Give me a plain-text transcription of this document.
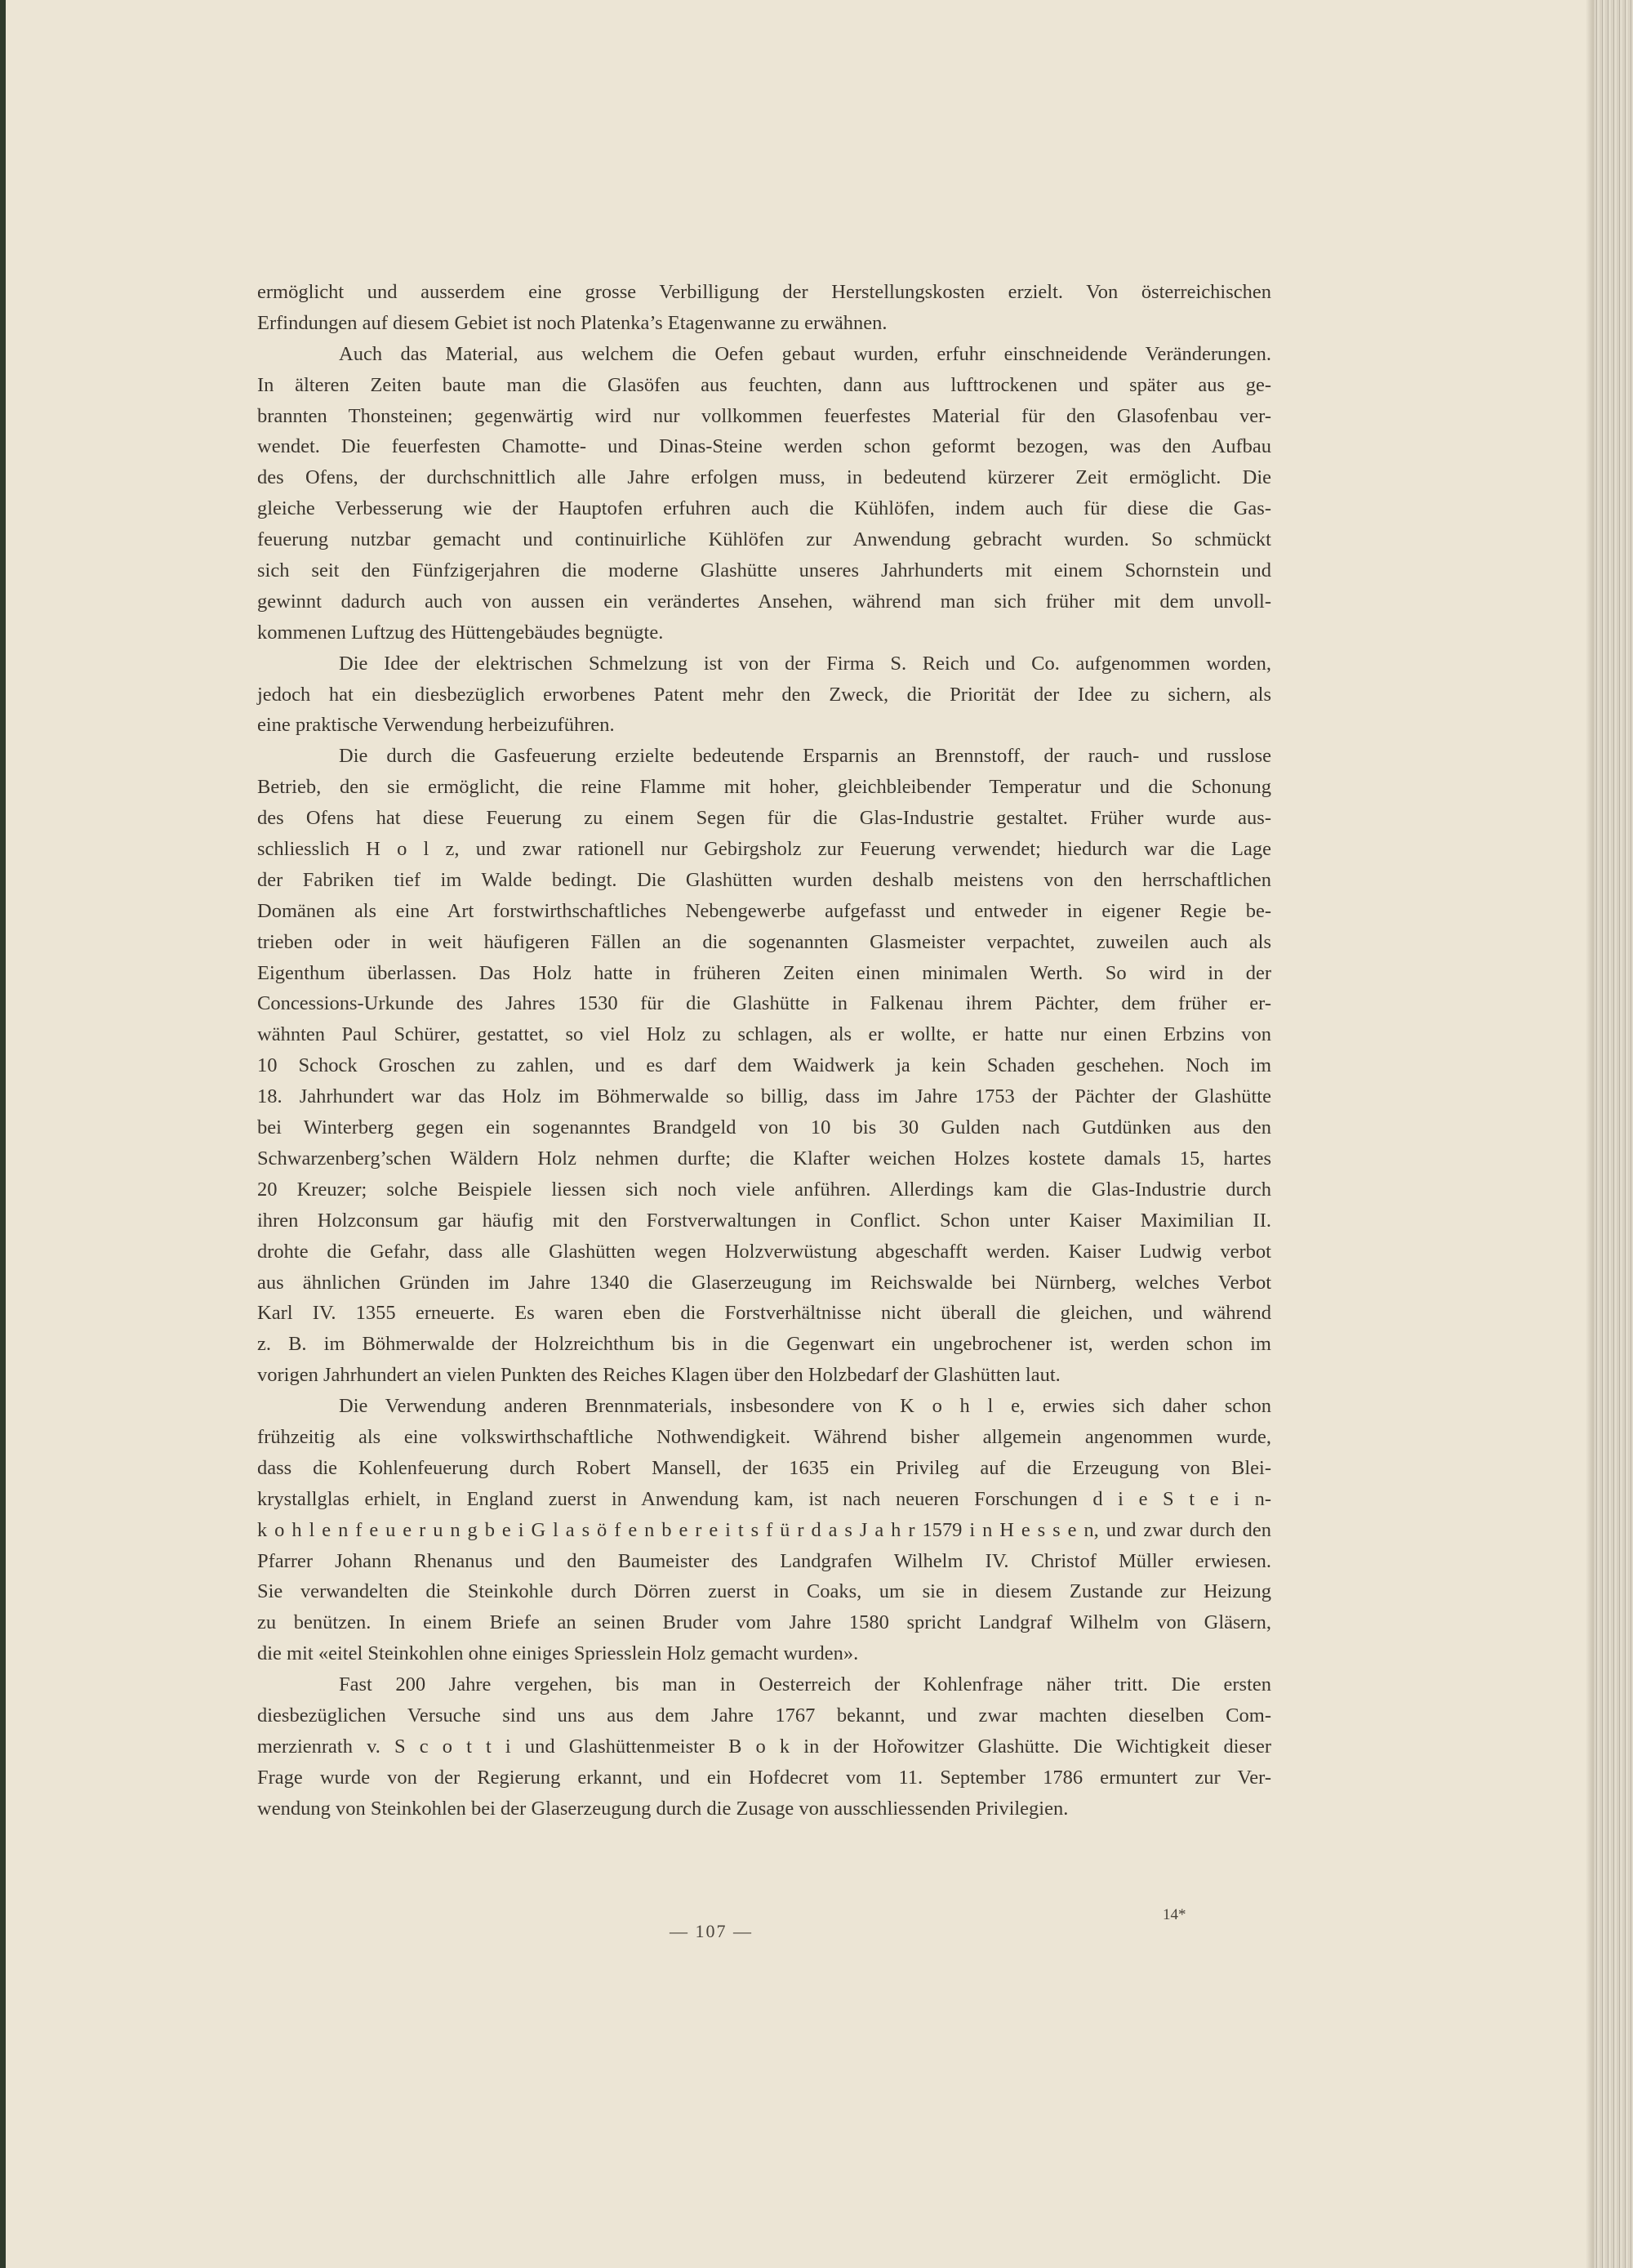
ermöglicht und ausserdem eine grosse Verbilligung der Herstellungskosten erzielt. Von österreichischen
Erfindungen auf diesem Gebiet ist noch Platenka’s Etagenwanne zu erwähnen.
Auch das Material, aus welchem die Oefen gebaut wurden, erfuhr einschneidende Veränderungen.
In älteren Zeiten baute man die Glasöfen aus feuchten, dann aus lufttrockenen und später aus ge-
brannten Thonsteinen; gegenwärtig wird nur vollkommen feuerfestes Material für den Glasofenbau ver-
wendet. Die feuerfesten Chamotte- und Dinas-Steine werden schon geformt bezogen, was den Aufbau
des Ofens, der durchschnittlich alle Jahre erfolgen muss, in bedeutend kürzerer Zeit ermöglicht. Die
gleiche Verbesserung wie der Hauptofen erfuhren auch die Kühlöfen, indem auch für diese die Gas-
feuerung nutzbar gemacht und continuirliche Kühlöfen zur Anwendung gebracht wurden. So schmückt
sich seit den Fünfzigerjahren die moderne Glashütte unseres Jahrhunderts mit einem Schornstein und
gewinnt dadurch auch von aussen ein verändertes Ansehen, während man sich früher mit dem unvoll-
kommenen Luftzug des Hüttengebäudes begnügte.
Die Idee der elektrischen Schmelzung ist von der Firma S. Reich und Co. aufgenommen worden,
jedoch hat ein diesbezüglich erworbenes Patent mehr den Zweck, die Priorität der Idee zu sichern, als
eine praktische Verwendung herbeizuführen.
Die durch die Gasfeuerung erzielte bedeutende Ersparnis an Brennstoff, der rauch- und russlose
Betrieb, den sie ermöglicht, die reine Flamme mit hoher, gleichbleibender Temperatur und die Schonung
des Ofens hat diese Feuerung zu einem Segen für die Glas-Industrie gestaltet. Früher wurde aus-
schliesslich H o l z, und zwar rationell nur Gebirgsholz zur Feuerung verwendet; hiedurch war die Lage
der Fabriken tief im Walde bedingt. Die Glashütten wurden deshalb meistens von den herrschaftlichen
Domänen als eine Art forstwirthschaftliches Nebengewerbe aufgefasst und entweder in eigener Regie be-
trieben oder in weit häufigeren Fällen an die sogenannten Glasmeister verpachtet, zuweilen auch als
Eigenthum überlassen. Das Holz hatte in früheren Zeiten einen minimalen Werth. So wird in der
Concessions-Urkunde des Jahres 1530 für die Glashütte in Falkenau ihrem Pächter, dem früher er-
wähnten Paul Schürer, gestattet, so viel Holz zu schlagen, als er wollte, er hatte nur einen Erbzins von
10 Schock Groschen zu zahlen, und es darf dem Waidwerk ja kein Schaden geschehen. Noch im
18. Jahrhundert war das Holz im Böhmerwalde so billig, dass im Jahre 1753 der Pächter der Glashütte
bei Winterberg gegen ein sogenanntes Brandgeld von 10 bis 30 Gulden nach Gutdünken aus den
Schwarzenberg’schen Wäldern Holz nehmen durfte; die Klafter weichen Holzes kostete damals 15, hartes
20 Kreuzer; solche Beispiele liessen sich noch viele anführen. Allerdings kam die Glas-Industrie durch
ihren Holzconsum gar häufig mit den Forstverwaltungen in Conflict. Schon unter Kaiser Maximilian II.
drohte die Gefahr, dass alle Glashütten wegen Holzverwüstung abgeschafft werden. Kaiser Ludwig verbot
aus ähnlichen Gründen im Jahre 1340 die Glaserzeugung im Reichswalde bei Nürnberg, welches Verbot
Karl IV. 1355 erneuerte. Es waren eben die Forstverhältnisse nicht überall die gleichen, und während
z. B. im Böhmerwalde der Holzreichthum bis in die Gegenwart ein ungebrochener ist, werden schon im
vorigen Jahrhundert an vielen Punkten des Reiches Klagen über den Holzbedarf der Glashütten laut.
Die Verwendung anderen Brennmaterials, insbesondere von K o h l e, erwies sich daher schon
frühzeitig als eine volkswirthschaftliche Nothwendigkeit. Während bisher allgemein angenommen wurde,
dass die Kohlenfeuerung durch Robert Mansell, der 1635 ein Privileg auf die Erzeugung von Blei-
krystallglas erhielt, in England zuerst in Anwendung kam, ist nach neueren Forschungen d i e S t e i n-
k o h l e n f e u e r u n g b e i G l a s ö f e n b e r e i t s f ü r d a s J a h r 1579 i n H e s s e n, und zwar durch den
Pfarrer Johann Rhenanus und den Baumeister des Landgrafen Wilhelm IV. Christof Müller erwiesen.
Sie verwandelten die Steinkohle durch Dörren zuerst in Coaks, um sie in diesem Zustande zur Heizung
zu benützen. In einem Briefe an seinen Bruder vom Jahre 1580 spricht Landgraf Wilhelm von Gläsern,
die mit «eitel Steinkohlen ohne einiges Spriesslein Holz gemacht wurden».
Fast 200 Jahre vergehen, bis man in Oesterreich der Kohlenfrage näher tritt. Die ersten
diesbezüglichen Versuche sind uns aus dem Jahre 1767 bekannt, und zwar machten dieselben Com-
merzienrath v. S c o t t i und Glashüttenmeister B o k in der Hořowitzer Glashütte. Die Wichtigkeit dieser
Frage wurde von der Regierung erkannt, und ein Hofdecret vom 11. September 1786 ermuntert zur Ver-
wendung von Steinkohlen bei der Glaserzeugung durch die Zusage von ausschliessenden Privilegien.
— 107 —
14*
